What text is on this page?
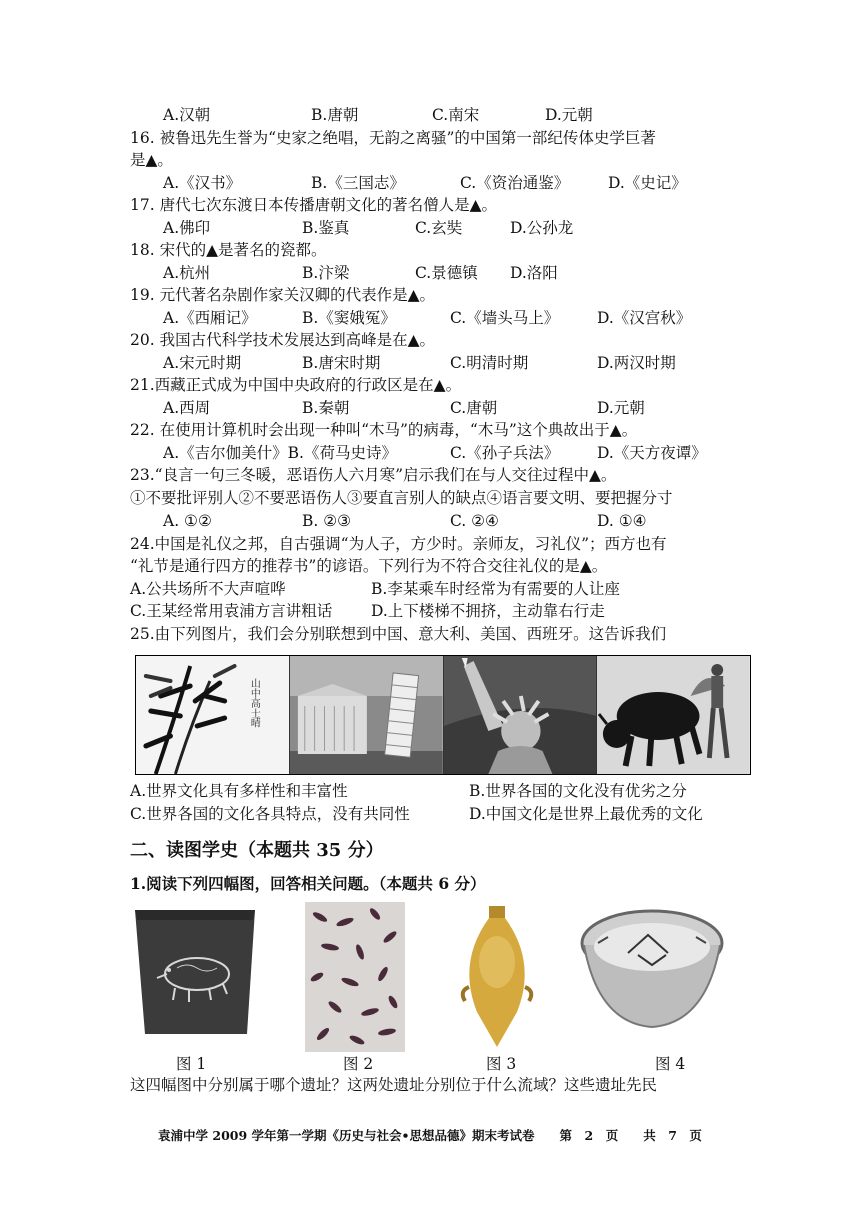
A.汉朝	B.唐朝	C.南宋	D.元朝
16. 被鲁迅先生誉为“史家之绝唱，无韵之离骚”的中国第一部纪传体史学巨著
是▲。
A.《汉书》	B.《三国志》	C.《资治通鉴》	D.《史记》
17. 唐代七次东渡日本传播唐朝文化的著名僧人是▲。
A.佛印	B.鉴真	C.玄奘	D.公孙龙
18. 宋代的▲是著名的瓷都。
A.杭州	B.汴梁	C.景德镇 D.洛阳
19. 元代著名杂剧作家关汉卿的代表作是▲。
A.《西厢记》	B.《窦娥冤》	C.《墙头马上》 D.《汉宫秋》
20. 我国古代科学技术发展达到高峰是在▲。
A.宋元时期	B.唐宋时期	C.明清时期	D.两汉时期
21.西藏正式成为中国中央政府的行政区是在▲。
A.西周	B.秦朝	C.唐朝	D.元朝
22. 在使用计算机时会出现一种叫“木马”的病毒，“木马”这个典故出于▲。
A.《吉尔伽美什》B.《荷马史诗》	C.《孙子兵法》 D.《天方夜谭》
23.“良言一句三冬暖，恶语伤人六月寒”启示我们在与人交往过程中▲。
①不要批评别人②不要恶语伤人③要直言别人的缺点④语言要文明、要把握分寸
A. ①②	B. ②③	C. ②④	D. ①④
24.中国是礼仪之邦，自古强调“为人子，方少时。亲师友，习礼仪”；西方也有
“礼节是通行四方的推荐书”的谚语。下列行为不符合交往礼仪的是▲。
A.公共场所不大声喧哗	B.李某乘车时经常为有需要的人让座
C.王某经常用袁浦方言讲粗话	D.上下楼梯不拥挤，主动靠右行走
25.由下列图片，我们会分别联想到中国、意大利、美国、西班牙。这告诉我们
山中高士晴
A.世界文化具有多样性和丰富性	B.世界各国的文化没有优劣之分
C.世界各国的文化各具特点，没有共同性	D.中国文化是世界上最优秀的文化
二、读图学史（本题共 35 分）
1.阅读下列四幅图，回答相关问题。（本题共 6 分）
图 1	图 2	图 3	图 4
这四幅图中分别属于哪个遗址？这两处遗址分别位于什么流域？这些遗址先民
袁浦中学 2009 学年第一学期《历史与社会•思想品德》期末考试卷　　第　2　页　　共　7　页
